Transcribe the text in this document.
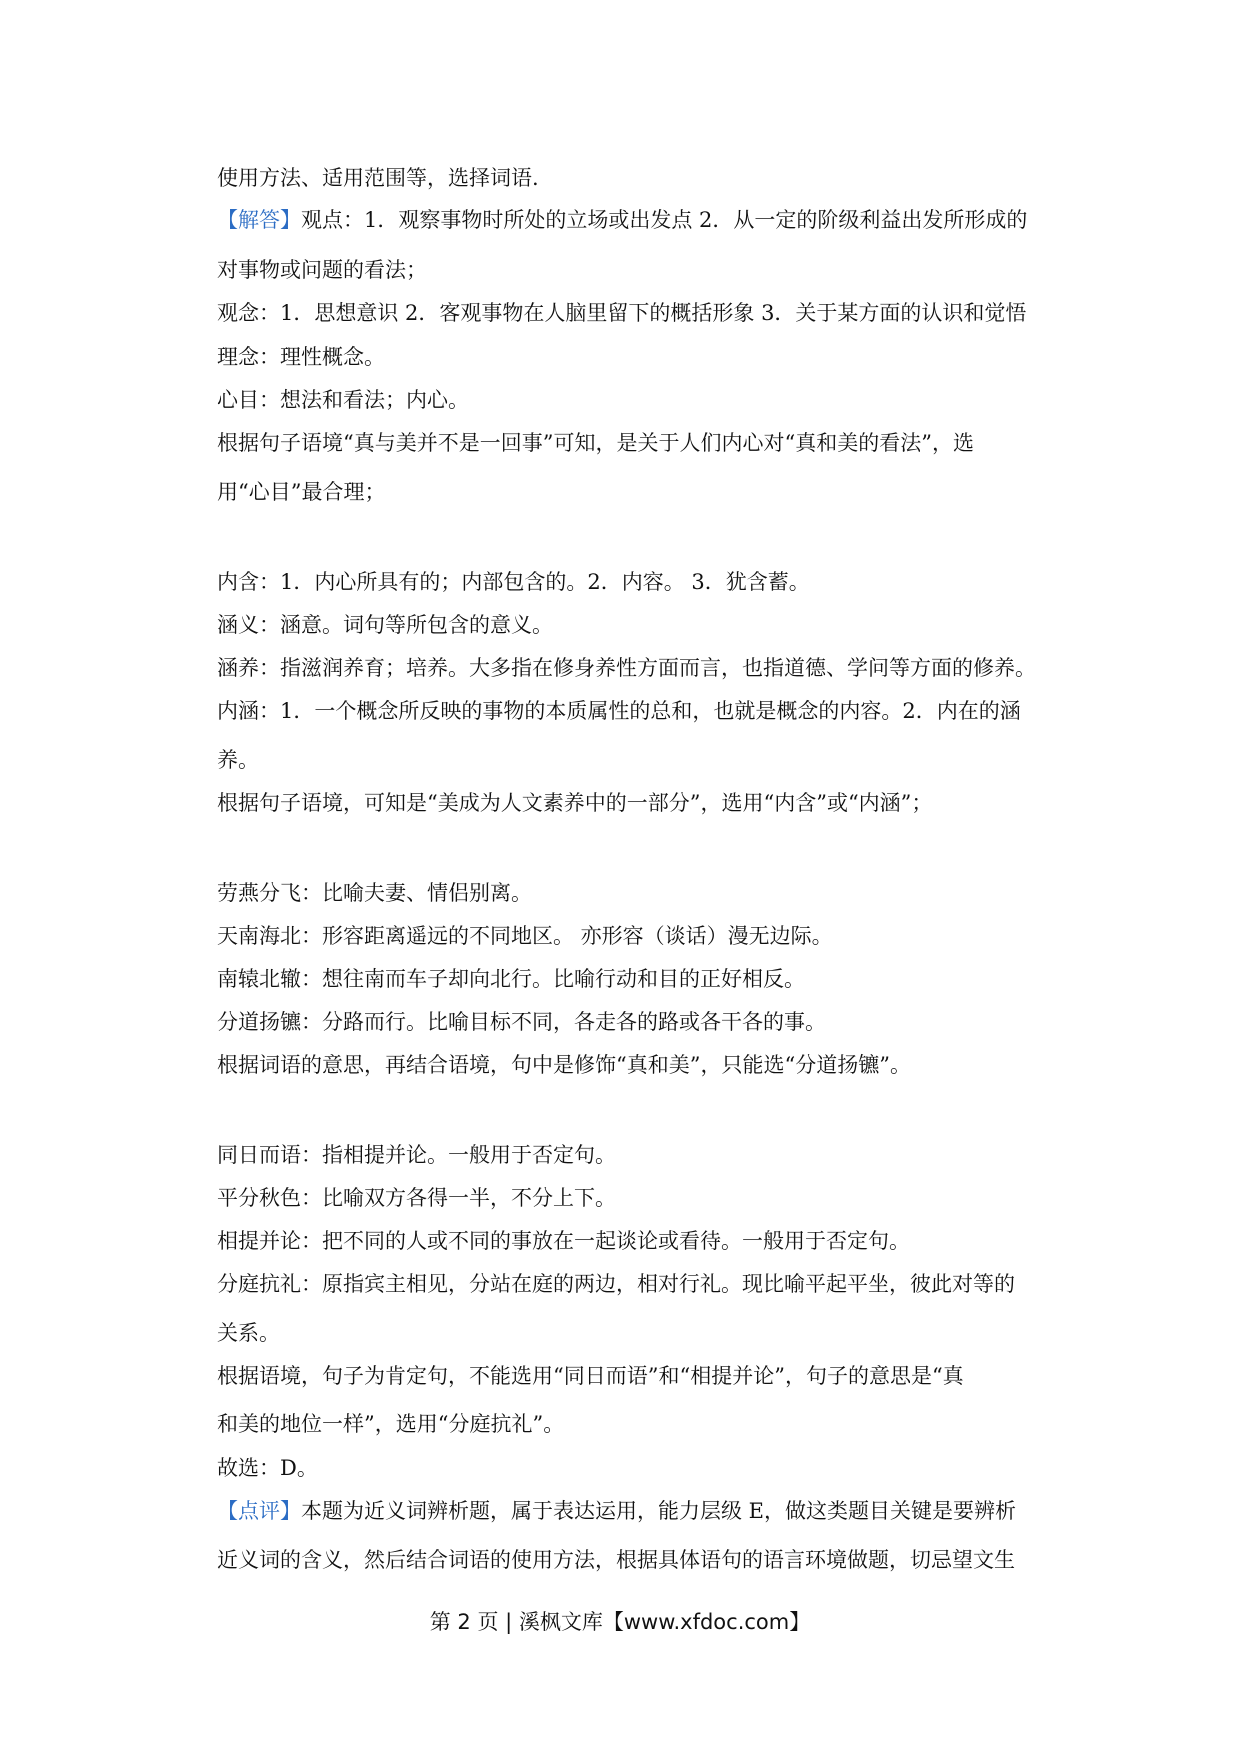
使用方法、适用范围等，选择词语.
【解答】观点：1．观察事物时所处的立场或出发点 2．从一定的阶级利益出发所形成的
对事物或问题的看法；
观念：1．思想意识 2．客观事物在人脑里留下的概括形象 3．关于某方面的认识和觉悟
理念：理性概念。
心目：想法和看法；内心。
根据句子语境“真与美并不是一回事”可知，是关于人们内心对“真和美的看法”，选
用“心目”最合理；
内含：1．内心所具有的；内部包含的。2．内容。 3．犹含蓄。
涵义：涵意。词句等所包含的意义。
涵养：指滋润养育；培养。大多指在修身养性方面而言，也指道德、学问等方面的修养。
内涵：1．一个概念所反映的事物的本质属性的总和，也就是概念的内容。2．内在的涵
养。
根据句子语境，可知是“美成为人文素养中的一部分”，选用“内含”或“内涵”；
劳燕分飞：比喻夫妻、情侣别离。
天南海北：形容距离遥远的不同地区。 亦形容（谈话）漫无边际。
南辕北辙：想往南而车子却向北行。比喻行动和目的正好相反。
分道扬镳：分路而行。比喻目标不同，各走各的路或各干各的事。
根据词语的意思，再结合语境，句中是修饰“真和美”，只能选“分道扬镳”。
同日而语：指相提并论。一般用于否定句。
平分秋色：比喻双方各得一半，不分上下。
相提并论：把不同的人或不同的事放在一起谈论或看待。一般用于否定句。
分庭抗礼：原指宾主相见，分站在庭的两边，相对行礼。现比喻平起平坐，彼此对等的
关系。
根据语境，句子为肯定句，不能选用“同日而语”和“相提并论”，句子的意思是“真
和美的地位一样”，选用“分庭抗礼”。
故选：D。
【点评】本题为近义词辨析题，属于表达运用，能力层级 E，做这类题目关键是要辨析
近义词的含义，然后结合词语的使用方法，根据具体语句的语言环境做题，切忌望文生
第 2 页 | 溪枫文库【www.xfdoc.com】
